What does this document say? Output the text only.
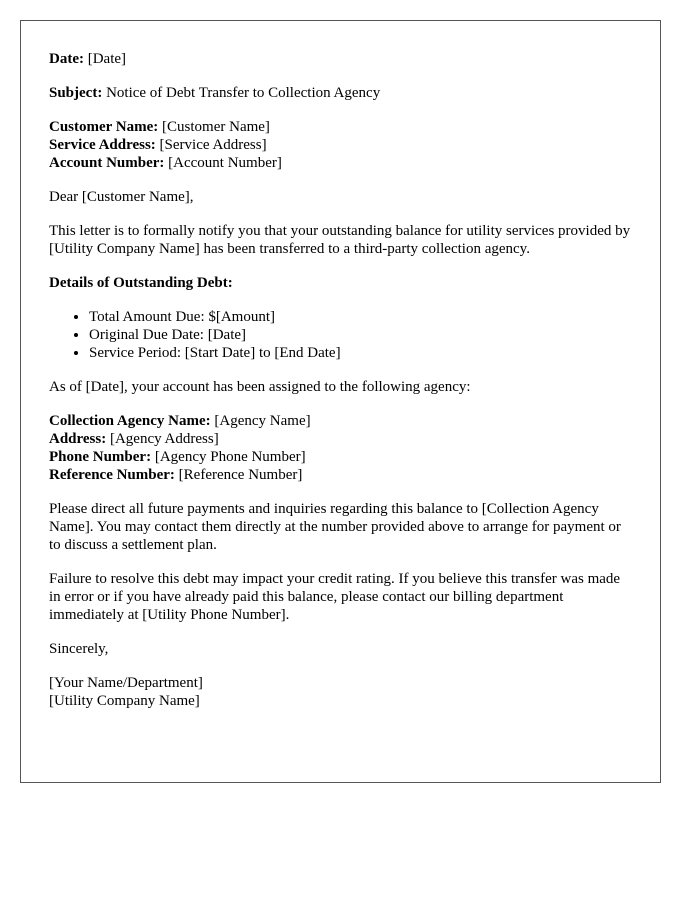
Date: [Date]

Subject: Notice of Debt Transfer to Collection Agency

Customer Name: [Customer Name]
Service Address: [Service Address]
Account Number: [Account Number]

Dear [Customer Name],

This letter is to formally notify you that your outstanding balance for utility services provided by [Utility Company Name] has been transferred to a third-party collection agency.

Details of Outstanding Debt:

• Total Amount Due: $[Amount]
• Original Due Date: [Date]
• Service Period: [Start Date] to [End Date]

As of [Date], your account has been assigned to the following agency:

Collection Agency Name: [Agency Name]
Address: [Agency Address]
Phone Number: [Agency Phone Number]
Reference Number: [Reference Number]

Please direct all future payments and inquiries regarding this balance to [Collection Agency Name]. You may contact them directly at the number provided above to arrange for payment or to discuss a settlement plan.

Failure to resolve this debt may impact your credit rating. If you believe this transfer was made in error or if you have already paid this balance, please contact our billing department immediately at [Utility Phone Number].

Sincerely,

[Your Name/Department]
[Utility Company Name]
